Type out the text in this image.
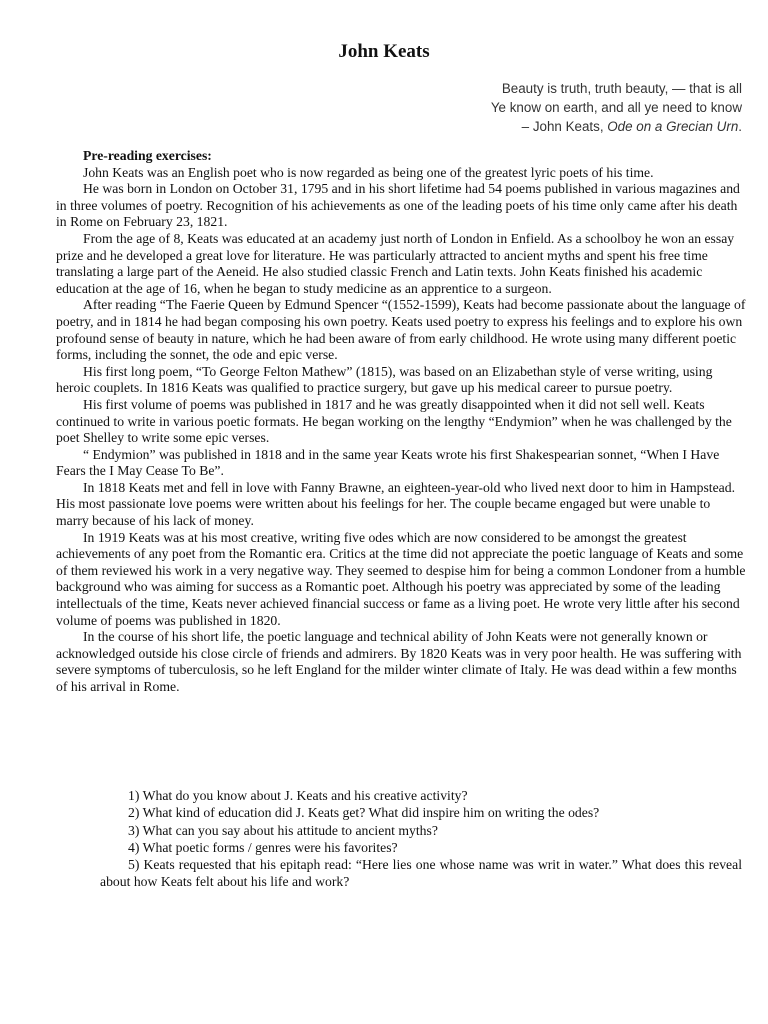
John Keats
Beauty is truth, truth beauty, — that is all
Ye know on earth, and all ye need to know
– John Keats, Ode on a Grecian Urn.
Pre-reading exercises:

John Keats was an English poet who is now regarded as being one of the greatest lyric poets of his time.

He was born in London on October 31, 1795 and in his short lifetime had 54 poems published in various magazines and in three volumes of poetry. Recognition of his achievements as one of the leading poets of his time only came after his death in Rome on February 23, 1821.

From the age of 8, Keats was educated at an academy just north of London in Enfield. As a schoolboy he won an essay prize and he developed a great love for literature. He was particularly attracted to ancient myths and spent his free time translating a large part of the Aeneid. He also studied classic French and Latin texts. John Keats finished his academic education at the age of 16, when he began to study medicine as an apprentice to a surgeon.

After reading “The Faerie Queen by Edmund Spencer “(1552-1599), Keats had become passionate about the language of poetry, and in 1814 he had began composing his own poetry. Keats used poetry to express his feelings and to explore his own profound sense of beauty in nature, which he had been aware of from early childhood. He wrote using many different poetic forms, including the sonnet, the ode and epic verse.

His first long poem, “To George Felton Mathew” (1815), was based on an Elizabethan style of verse writing, using heroic couplets. In 1816 Keats was qualified to practice surgery, but gave up his medical career to pursue poetry.

His first volume of poems was published in 1817 and he was greatly disappointed when it did not sell well. Keats continued to write in various poetic formats. He began working on the lengthy “Endymion” when he was challenged by the poet Shelley to write some epic verses.

“ Endymion” was published in 1818 and in the same year Keats wrote his first Shakespearian sonnet, “When I Have Fears the I May Cease To Be”.

In 1818 Keats met and fell in love with Fanny Brawne, an eighteen-year-old who lived next door to him in Hampstead. His most passionate love poems were written about his feelings for her. The couple became engaged but were unable to marry because of his lack of money.

In 1919 Keats was at his most creative, writing five odes which are now considered to be amongst the greatest achievements of any poet from the Romantic era. Critics at the time did not appreciate the poetic language of Keats and some of them reviewed his work in a very negative way. They seemed to despise him for being a common Londoner from a humble background who was aiming for success as a Romantic poet. Although his poetry was appreciated by some of the leading intellectuals of the time, Keats never achieved financial success or fame as a living poet. He wrote very little after his second volume of poems was published in 1820.

In the course of his short life, the poetic language and technical ability of John Keats were not generally known or acknowledged outside his close circle of friends and admirers. By 1820 Keats was in very poor health. He was suffering with severe symptoms of tuberculosis, so he left England for the milder winter climate of Italy. He was dead within a few months of his arrival in Rome.

1) What do you know about J. Keats and his creative activity?
2) What kind of education did J. Keats get? What did inspire him on writing the odes?
3) What can you say about his attitude to ancient myths?
4) What poetic forms / genres were his favorites?
5) Keats requested that his epitaph read: “Here lies one whose name was writ in water.” What does this reveal about how Keats felt about his life and work?
